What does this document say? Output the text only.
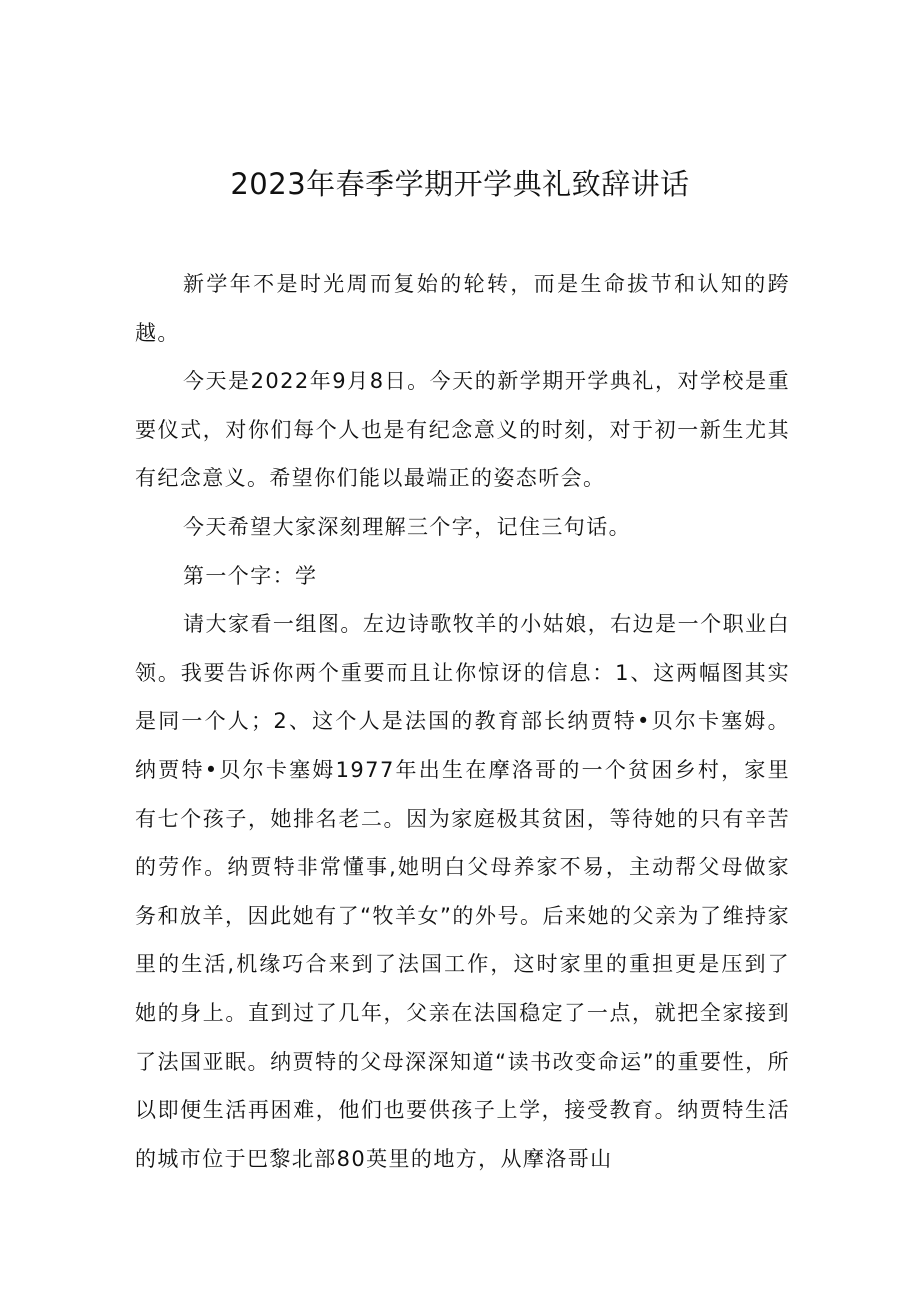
2023年春季学期开学典礼致辞讲话

新学年不是时光周而复始的轮转，而是生命拔节和认知的跨越。

今天是2022年9月8日。今天的新学期开学典礼，对学校是重要仪式，对你们每个人也是有纪念意义的时刻，对于初一新生尤其有纪念意义。希望你们能以最端正的姿态听会。

今天希望大家深刻理解三个字，记住三句话。

第一个字：学

请大家看一组图。左边诗歌牧羊的小姑娘，右边是一个职业白领。我要告诉你两个重要而且让你惊讶的信息：1、这两幅图其实是同一个人；2、这个人是法国的教育部长纳贾特•贝尔卡塞姆。纳贾特•贝尔卡塞姆1977年出生在摩洛哥的一个贫困乡村，家里有七个孩子，她排名老二。因为家庭极其贫困，等待她的只有辛苦的劳作。纳贾特非常懂事,她明白父母养家不易，主动帮父母做家务和放羊，因此她有了“牧羊女”的外号。后来她的父亲为了维持家里的生活,机缘巧合来到了法国工作，这时家里的重担更是压到了她的身上。直到过了几年，父亲在法国稳定了一点，就把全家接到了法国亚眠。纳贾特的父母深深知道“读书改变命运”的重要性，所以即便生活再困难，他们也要供孩子上学，接受教育。纳贾特生活的城市位于巴黎北部80英里的地方，从摩洛哥山
